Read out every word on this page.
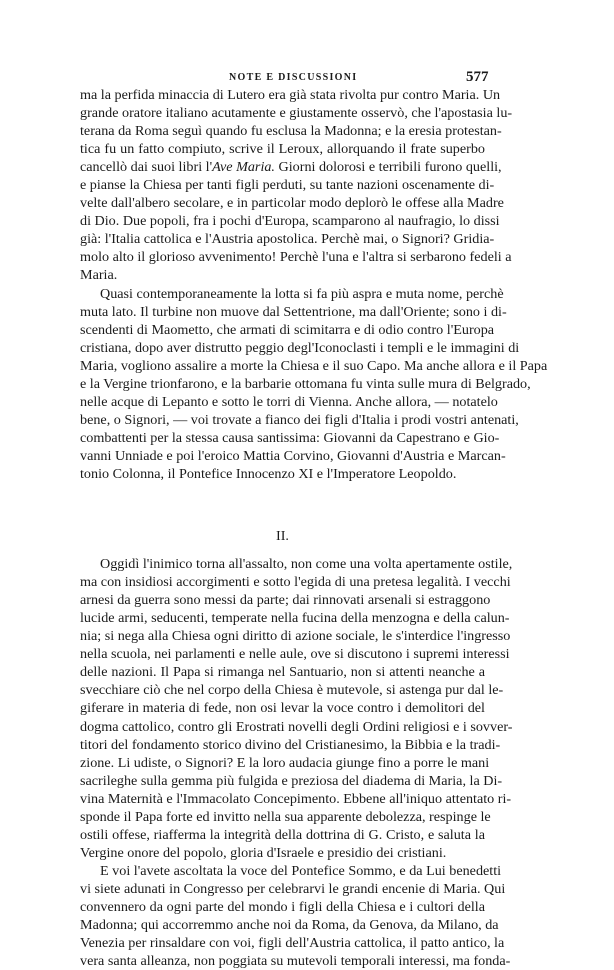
NOTE E DISCUSSIONI	577
ma la perfida minaccia di Lutero era già stata rivolta pur contro Maria. Un
grande oratore italiano acutamente e giustamente osservò, che l'apostasia lu-
terana da Roma seguì quando fu esclusa la Madonna; e la eresia protestan-
tica fu un fatto compiuto, scrive il Leroux, allorquando il frate superbo
cancellò dai suoi libri l'Ave Maria. Giorni dolorosi e terribili furono quelli,
e pianse la Chiesa per tanti figli perduti, su tante nazioni oscenamente di-
velte dall'albero secolare, e in particolar modo deplorò le offese alla Madre
di Dio. Due popoli, fra i pochi d'Europa, scamparono al naufragio, lo dissi
già: l'Italia cattolica e l'Austria apostolica. Perchè mai, o Signori? Gridia-
molo alto il glorioso avvenimento! Perchè l'una e l'altra si serbarono fedeli a
Maria.
Quasi contemporaneamente la lotta si fa più aspra e muta nome, perchè
muta lato. Il turbine non muove dal Settentrione, ma dall'Oriente; sono i di-
scendenti di Maometto, che armati di scimitarra e di odio contro l'Europa
cristiana, dopo aver distrutto peggio degl'Iconoclasti i templi e le immagini di
Maria, vogliono assalire a morte la Chiesa e il suo Capo. Ma anche allora e il Papa
e la Vergine trionfarono, e la barbarie ottomana fu vinta sulle mura di Belgrado,
nelle acque di Lepanto e sotto le torri di Vienna. Anche allora, — notatelo
bene, o Signori, — voi trovate a fianco dei figli d'Italia i prodi vostri antenati,
combattenti per la stessa causa santissima: Giovanni da Capestrano e Gio-
vanni Unniade e poi l'eroico Mattia Corvino, Giovanni d'Austria e Marcan-
tonio Colonna, il Pontefice Innocenzo XI e l'Imperatore Leopoldo.
II.
Oggidì l'inimico torna all'assalto, non come una volta apertamente ostile,
ma con insidiosi accorgimenti e sotto l'egida di una pretesa legalità. I vecchi
arnesi da guerra sono messi da parte; dai rinnovati arsenali si estraggono
lucide armi, seducenti, temperate nella fucina della menzogna e della calun-
nia; si nega alla Chiesa ogni diritto di azione sociale, le s'interdice l'ingresso
nella scuola, nei parlamenti e nelle aule, ove si discutono i supremi interessi
delle nazioni. Il Papa si rimanga nel Santuario, non si attenti neanche a
svecchiare ciò che nel corpo della Chiesa è mutevole, si astenga pur dal le-
giferare in materia di fede, non osi levar la voce contro i demolitori del
dogma cattolico, contro gli Erostrati novelli degli Ordini religiosi e i sovver-
titori del fondamento storico divino del Cristianesimo, la Bibbia e la tradi-
zione. Li udiste, o Signori? E la loro audacia giunge fino a porre le mani
sacrileghe sulla gemma più fulgida e preziosa del diadema di Maria, la Di-
vina Maternità e l'Immacolato Concepimento. Ebbene all'iniquo attentato ri-
sponde il Papa forte ed invitto nella sua apparente debolezza, respinge le
ostili offese, riafferma la integrità della dottrina di G. Cristo, e saluta la
Vergine onore del popolo, gloria d'Israele e presidio dei cristiani.
E voi l'avete ascoltata la voce del Pontefice Sommo, e da Lui benedetti
vi siete adunati in Congresso per celebrarvi le grandi encenie di Maria. Qui
convennero da ogni parte del mondo i figli della Chiesa e i cultori della
Madonna; qui accorremmo anche noi da Roma, da Genova, da Milano, da
Venezia per rinsaldare con voi, figli dell'Austria cattolica, il patto antico, la
vera santa alleanza, non poggiata su mutevoli temporali interessi, ma fonda-
